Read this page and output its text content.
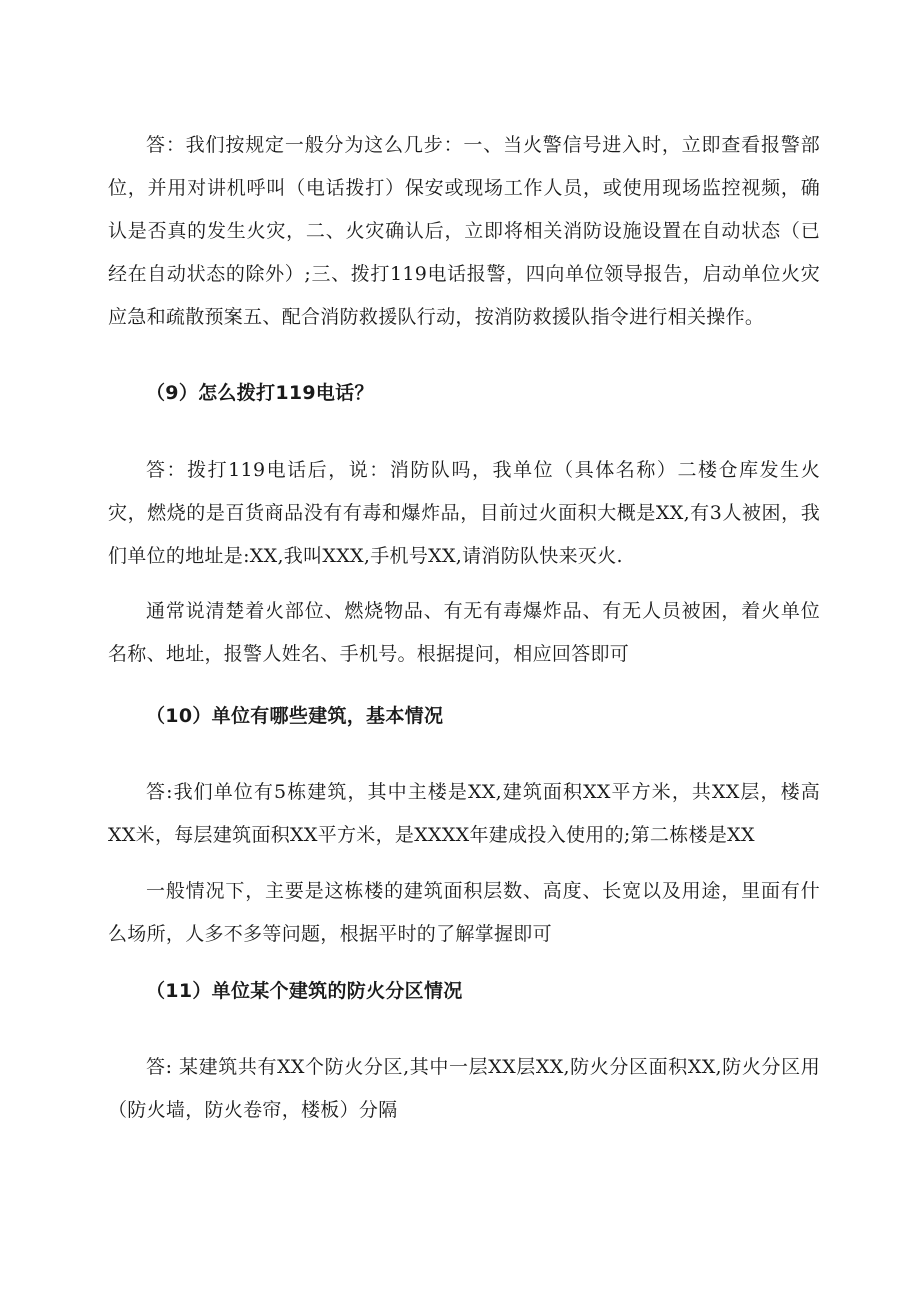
答：我们按规定一般分为这么几步：一、当火警信号进入时，立即查看报警部位，并用对讲机呼叫（电话拨打）保安或现场工作人员，或使用现场监控视频，确认是否真的发生火灾，二、火灾确认后，立即将相关消防设施设置在自动状态（已经在自动状态的除外）;三、拨打119电话报警，四向单位领导报告，启动单位火灾应急和疏散预案五、配合消防救援队行动，按消防救援队指令进行相关操作。

（9）怎么拨打119电话？

答：拨打119电话后，说：消防队吗，我单位（具体名称）二楼仓库发生火灾，燃烧的是百货商品没有有毒和爆炸品，目前过火面积大概是XX,有3人被困，我们单位的地址是:XX,我叫XXX,手机号XX,请消防队快来灭火.

通常说清楚着火部位、燃烧物品、有无有毒爆炸品、有无人员被困，着火单位名称、地址，报警人姓名、手机号。根据提问，相应回答即可

（10）单位有哪些建筑，基本情况

答:我们单位有5栋建筑，其中主楼是XX,建筑面积XX平方米，共XX层，楼高XX米，每层建筑面积XX平方米，是XXXX年建成投入使用的;第二栋楼是XX

一般情况下，主要是这栋楼的建筑面积层数、高度、长宽以及用途，里面有什么场所，人多不多等问题，根据平时的了解掌握即可

（11）单位某个建筑的防火分区情况

答: 某建筑共有XX个防火分区,其中一层XX层XX,防火分区面积XX,防火分区用（防火墙，防火卷帘，楼板）分隔
